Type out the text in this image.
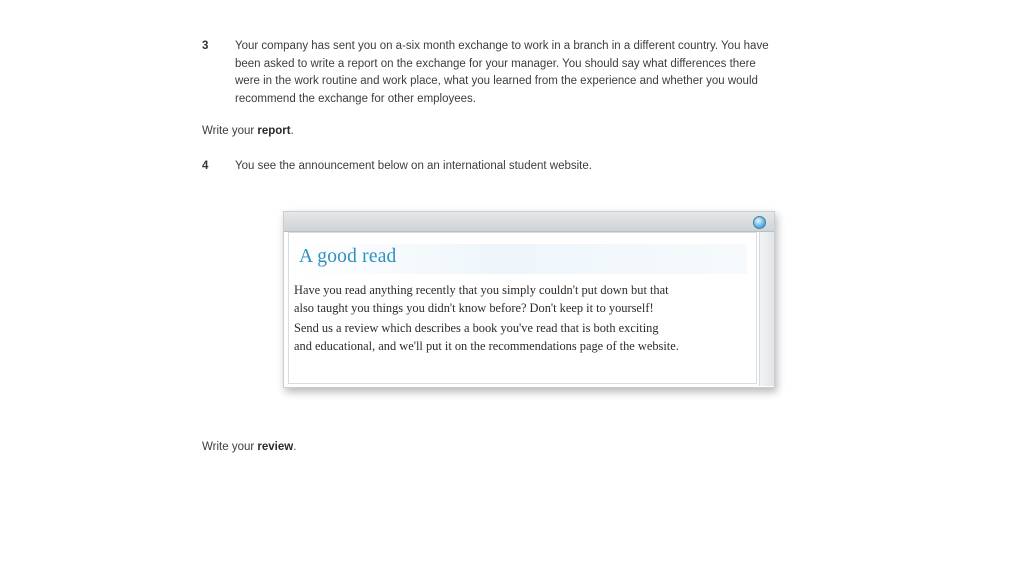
3 Your company has sent you on a-six month exchange to work in a branch in a different country. You have
been asked to write a report on the exchange for your manager. You should say what differences there
were in the work routine and work place, what you learned from the experience and whether you would
recommend the exchange for other employees.
Write your report.
4 You see the announcement below on an international student website.
A good read
Have you read anything recently that you simply couldn't put down but that
also taught you things you didn't know before? Don't keep it to yourself!
Send us a review which describes a book you've read that is both exciting
and educational, and we'll put it on the recommendations page of the website.
Write your review.
